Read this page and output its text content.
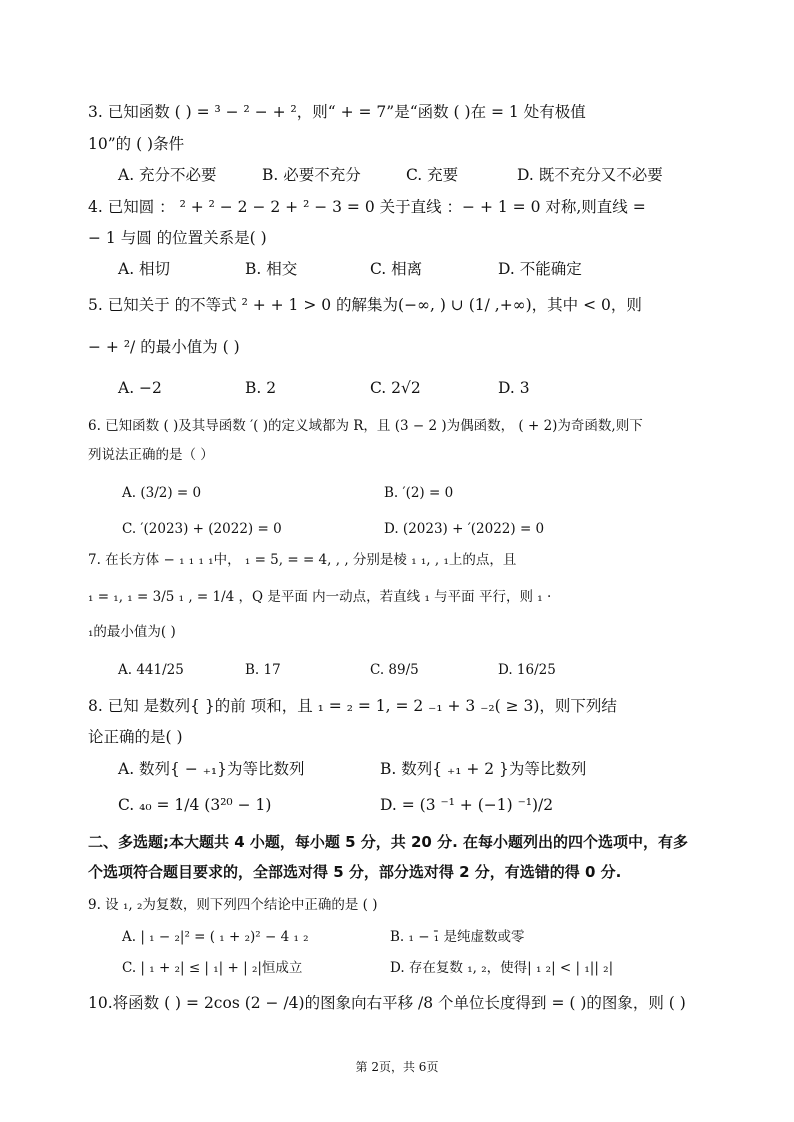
3. 已知函数 ( ) = ³ − ² − + ²，则“ + = 7”是“函数 ( )在 = 1 处有极值
10”的 ( )条件
A. 充分不必要	B. 必要不充分	C. 充要	D. 既不充分又不必要
4. 已知圆 ： ² + ² − 2 − 2 + ² − 3 = 0 关于直线 ：− + 1 = 0 对称,则直线 =
− 1 与圆 的位置关系是( )
A. 相切	B. 相交	C. 相离	D. 不能确定
5. 已知关于 的不等式 ² + + 1 > 0 的解集为(−∞, ) ∪ (1/ ,+∞)，其中 < 0，则
− + ²/ 的最小值为 ( )
A. −2	B. 2	C. 2√2	D. 3
6. 已知函数 ( )及其导函数 ′( )的定义域都为 R，且 (3 − 2 )为偶函数， ( + 2)为奇函数,则下
列说法正确的是（ ）
A. (3/2) = 0	B. ′(2) = 0
C. ′(2023) + (2022) = 0	D. (2023) + ′(2022) = 0
7. 在长方体 − ₁ ₁ ₁ ₁中， ₁ = 5, = = 4, , , 分别是棱 ₁ ₁, , ₁上的点，且
₁ = ₁, ₁ = 3/5 ₁ , = 1/4 ，Q 是平面 内一动点，若直线 ₁ 与平面 平行，则 ₁ ·
₁的最小值为( )
A. 441/25	B. 17	C. 89/5	D. 16/25
8. 已知 是数列{ }的前 项和，且 ₁ = ₂ = 1, = 2 ₋₁ + 3 ₋₂( ≥ 3)，则下列结
论正确的是( )
A. 数列{ − ₊₁}为等比数列	B. 数列{ ₊₁ + 2 }为等比数列
C. ₄₀ = 1/4 (3²⁰ − 1)	D. = (3 ⁻¹ + (−1) ⁻¹)/2
二、多选题;本大题共 4 小题，每小题 5 分，共 20 分. 在每小题列出的四个选项中，有多
个选项符合题目要求的，全部选对得 5 分，部分选对得 2 分，有选错的得 0 分.
9. 设 ₁, ₂为复数，则下列四个结论中正确的是 ( )
A. | ₁ − ₂|² = ( ₁ + ₂)² − 4 ₁ ₂	B. ₁ − ₁̄ 是纯虚数或零
C. | ₁ + ₂| ≤ | ₁| + | ₂|恒成立	D. 存在复数 ₁, ₂，使得| ₁ ₂| < | ₁|| ₂|
10.将函数 ( ) = 2cos (2 − /4)的图象向右平移 /8 个单位长度得到 = ( )的图象，则 ( )
第 2页，共 6页
